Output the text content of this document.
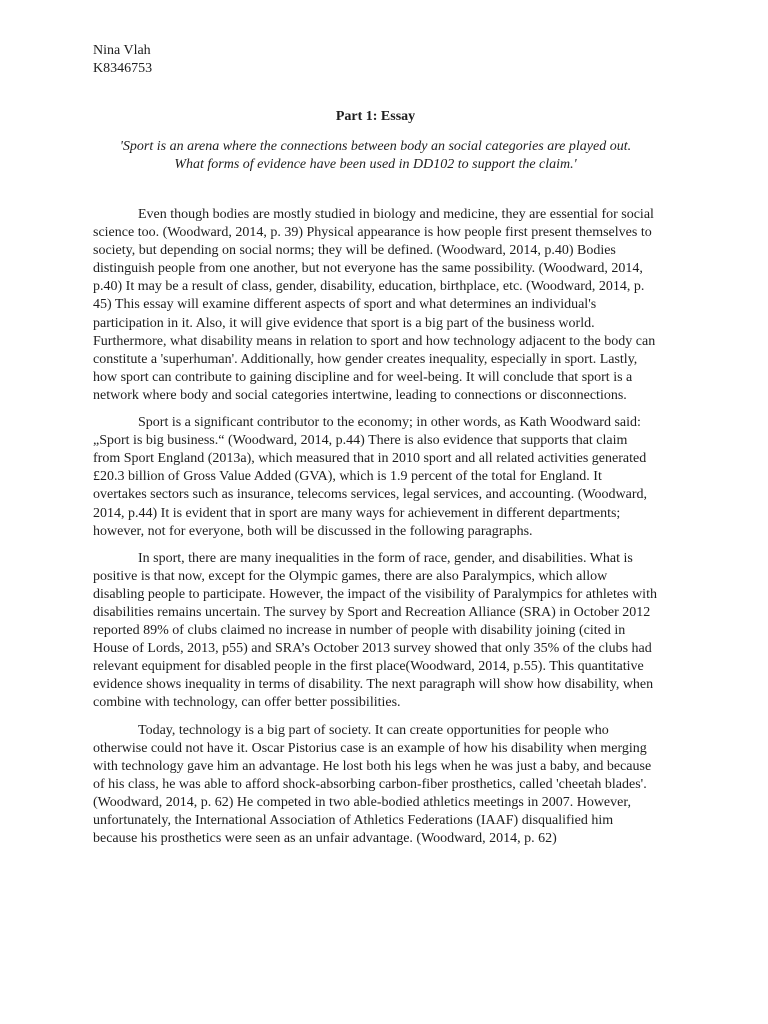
Nina Vlah

K8346753

Part 1: Essay

'Sport is an arena where the connections between body an social categories are played out. What forms of evidence have been used in DD102 to support the claim.'

Even though bodies are mostly studied in biology and medicine, they are essential for social science too. (Woodward, 2014, p. 39) Physical appearance is how people first present themselves to society, but depending on social norms; they will be defined. (Woodward, 2014, p.40) Bodies distinguish people from one another, but not everyone has the same possibility. (Woodward, 2014, p.40) It may be a result of class, gender, disability, education, birthplace, etc. (Woodward, 2014, p. 45) This essay will examine different aspects of sport and what determines an individual's participation in it. Also, it will give evidence that sport is a big part of the business world. Furthermore, what disability means in relation to sport and how technology adjacent to the body can constitute a 'superhuman'. Additionally, how gender creates inequality, especially in sport. Lastly, how sport can contribute to gaining discipline and for weel-being. It will conclude that sport is a network where body and social categories intertwine, leading to connections or disconnections.

Sport is a significant contributor to the economy; in other words, as Kath Woodward said: „Sport is big business.“ (Woodward, 2014, p.44) There is also evidence that supports that claim from Sport England (2013a), which measured that in 2010 sport and all related activities generated £20.3 billion of Gross Value Added (GVA), which is 1.9 percent of the total for England. It overtakes sectors such as insurance, telecoms services, legal services, and accounting. (Woodward, 2014, p.44) It is evident that in sport are many ways for achievement in different departments; however, not for everyone, both will be discussed in the following paragraphs.

In sport, there are many inequalities in the form of race, gender, and disabilities. What is positive is that now, except for the Olympic games, there are also Paralympics, which allow disabling people to participate. However, the impact of the visibility of Paralympics for athletes with disabilities remains uncertain. The survey by Sport and Recreation Alliance (SRA) in October 2012 reported 89% of clubs claimed no increase in number of people with disability joining (cited in House of Lords, 2013, p55) and SRA’s October 2013 survey showed that only 35% of the clubs had relevant equipment for disabled people in the first place(Woodward, 2014, p.55). This quantitative evidence shows inequality in terms of disability. The next paragraph will show how disability, when combine with technology, can offer better possibilities.

Today, technology is a big part of society. It can create opportunities for people who otherwise could not have it. Oscar Pistorius case is an example of how his disability when merging with technology gave him an advantage. He lost both his legs when he was just a baby, and because of his class, he was able to afford shock-absorbing carbon-fiber prosthetics, called 'cheetah blades'. (Woodward, 2014, p. 62) He competed in two able-bodied athletics meetings in 2007. However, unfortunately, the International Association of Athletics Federations (IAAF) disqualified him because his prosthetics were seen as an unfair advantage. (Woodward, 2014, p. 62)
